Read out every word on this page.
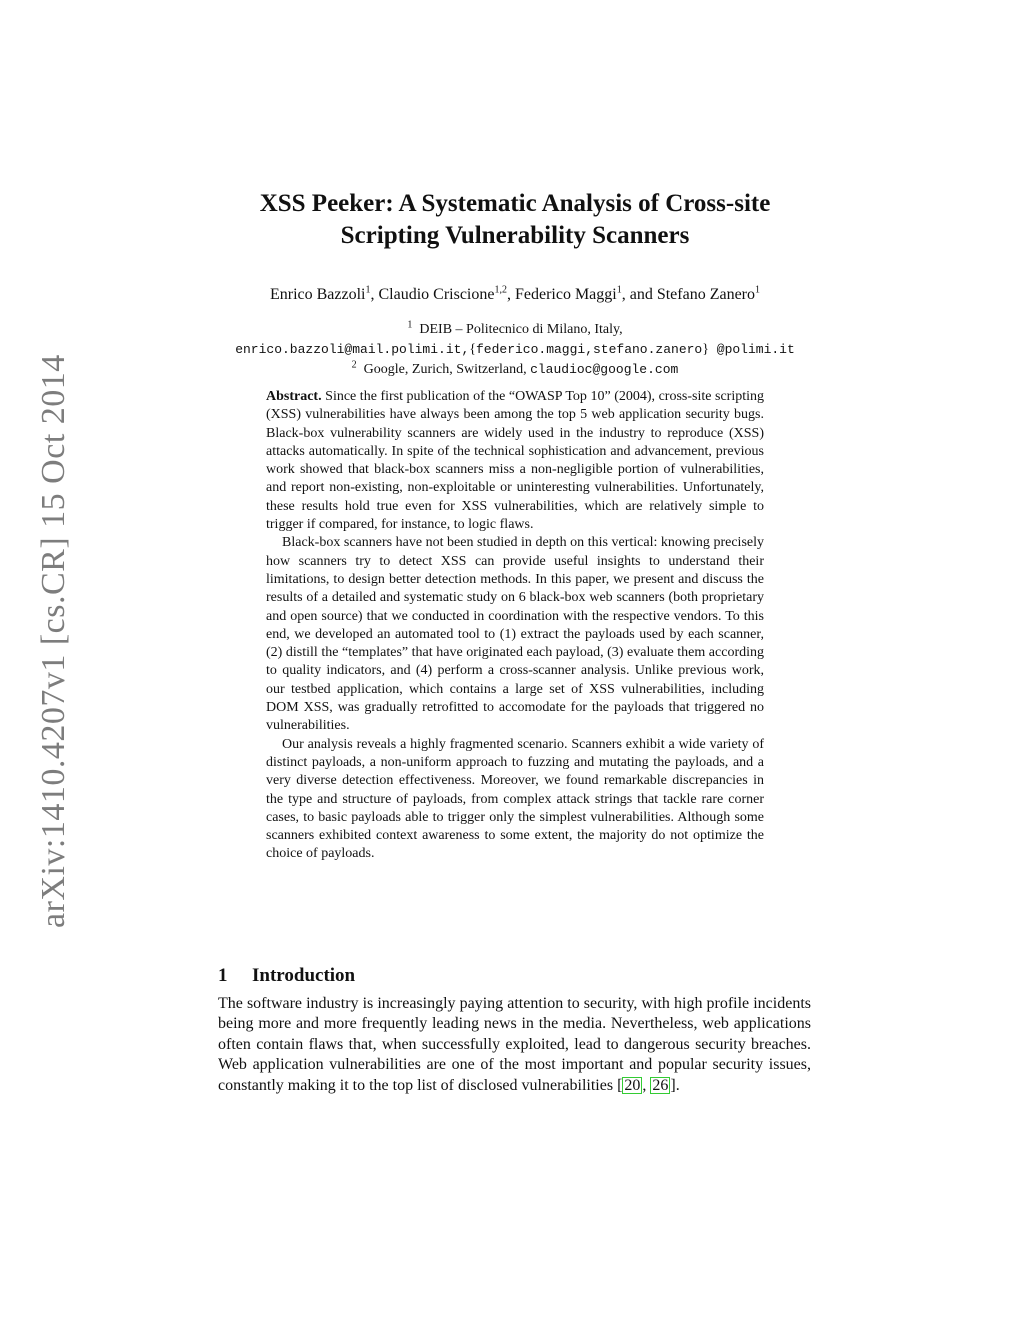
arXiv:1410.4207v1 [cs.CR] 15 Oct 2014
XSS Peeker: A Systematic Analysis of Cross-site
Scripting Vulnerability Scanners
Enrico Bazzoli$^1$, Claudio Criscione$^{1,2}$, Federico Maggi$^1$, and Stefano Zanero$^1$
$^1$ DEIB – Politecnico di Milano, Italy,
enrico.bazzoli@mail.polimi.it,{federico.maggi,stefano.zanero} @polimi.it
$^2$ Google, Zurich, Switzerland, claudioc@google.com

Abstract. Since the first publication of the “OWASP Top 10” (2004), cross-site scripting (XSS) vulnerabilities have always been among the top 5 web application security bugs. Black-box vulnerability scanners are widely used in the industry to reproduce (XSS) attacks automatically. In spite of the technical sophistication and advancement, previous work showed that black-box scanners miss a non-negligible portion of vulnerabilities, and report non-existing, non-exploitable or uninteresting vulnerabilities. Unfortunately, these results hold true even for XSS vulnerabilities, which are relatively simple to trigger if compared, for instance, to logic flaws.

Black-box scanners have not been studied in depth on this vertical: knowing precisely how scanners try to detect XSS can provide useful insights to understand their limitations, to design better detection methods. In this paper, we present and discuss the results of a detailed and systematic study on 6 black-box web scanners (both proprietary and open source) that we conducted in coordination with the respective vendors. To this end, we developed an automated tool to (1) extract the payloads used by each scanner, (2) distill the “templates” that have originated each payload, (3) evaluate them according to quality indicators, and (4) perform a cross-scanner analysis. Unlike previous work, our testbed application, which contains a large set of XSS vulnerabilities, including DOM XSS, was gradually retrofitted to accomodate for the payloads that triggered no vulnerabilities.

Our analysis reveals a highly fragmented scenario. Scanners exhibit a wide variety of distinct payloads, a non-uniform approach to fuzzing and mutating the payloads, and a very diverse detection effectiveness. Moreover, we found remarkable discrepancies in the type and structure of payloads, from complex attack strings that tackle rare corner cases, to basic payloads able to trigger only the simplest vulnerabilities. Although some scanners exhibited context awareness to some extent, the majority do not optimize the choice of payloads.

1 Introduction

The software industry is increasingly paying attention to security, with high profile incidents being more and more frequently leading news in the media. Nevertheless, web applications often contain flaws that, when successfully exploited, lead to dangerous security breaches. Web application vulnerabilities are one of the most important and popular security issues, constantly making it to the top list of disclosed vulnerabilities [ 20 , 26 ].
